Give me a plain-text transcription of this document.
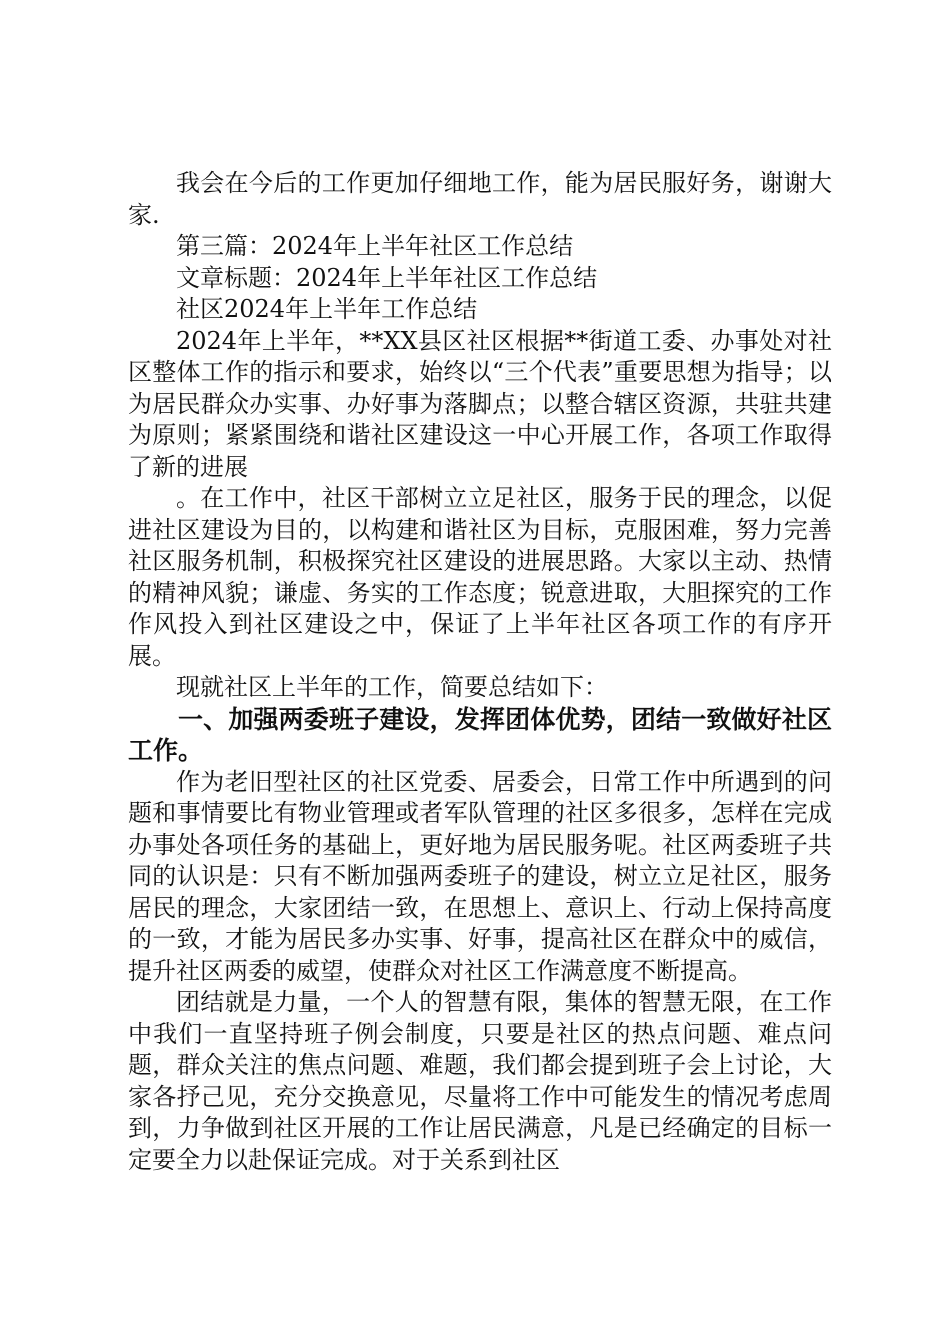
我会在今后的工作更加仔细地工作，能为居民服好务，谢谢大家.

第三篇：2024年上半年社区工作总结

文章标题：2024年上半年社区工作总结

社区2024年上半年工作总结

2024年上半年，**XX县区社区根据**街道工委、办事处对社区整体工作的指示和要求，始终以“三个代表”重要思想为指导；以为居民群众办实事、办好事为落脚点；以整合辖区资源，共驻共建为原则；紧紧围绕和谐社区建设这一中心开展工作，各项工作取得了新的进展

。在工作中，社区干部树立立足社区，服务于民的理念，以促进社区建设为目的，以构建和谐社区为目标，克服困难，努力完善社区服务机制，积极探究社区建设的进展思路。大家以主动、热情的精神风貌；谦虚、务实的工作态度；锐意进取，大胆探究的工作作风投入到社区建设之中，保证了上半年社区各项工作的有序开展。

现就社区上半年的工作，简要总结如下：

一、加强两委班子建设，发挥团体优势，团结一致做好社区工作。

作为老旧型社区的社区党委、居委会，日常工作中所遇到的问题和事情要比有物业管理或者军队管理的社区多很多，怎样在完成办事处各项任务的基础上，更好地为居民服务呢。社区两委班子共同的认识是：只有不断加强两委班子的建设，树立立足社区，服务居民的理念，大家团结一致，在思想上、意识上、行动上保持高度的一致，才能为居民多办实事、好事，提高社区在群众中的威信，提升社区两委的威望，使群众对社区工作满意度不断提高。

团结就是力量，一个人的智慧有限，集体的智慧无限，在工作中我们一直坚持班子例会制度，只要是社区的热点问题、难点问题，群众关注的焦点问题、难题，我们都会提到班子会上讨论，大家各抒己见，充分交换意见，尽量将工作中可能发生的情况考虑周到，力争做到社区开展的工作让居民满意，凡是已经确定的目标一定要全力以赴保证完成。对于关系到社区
